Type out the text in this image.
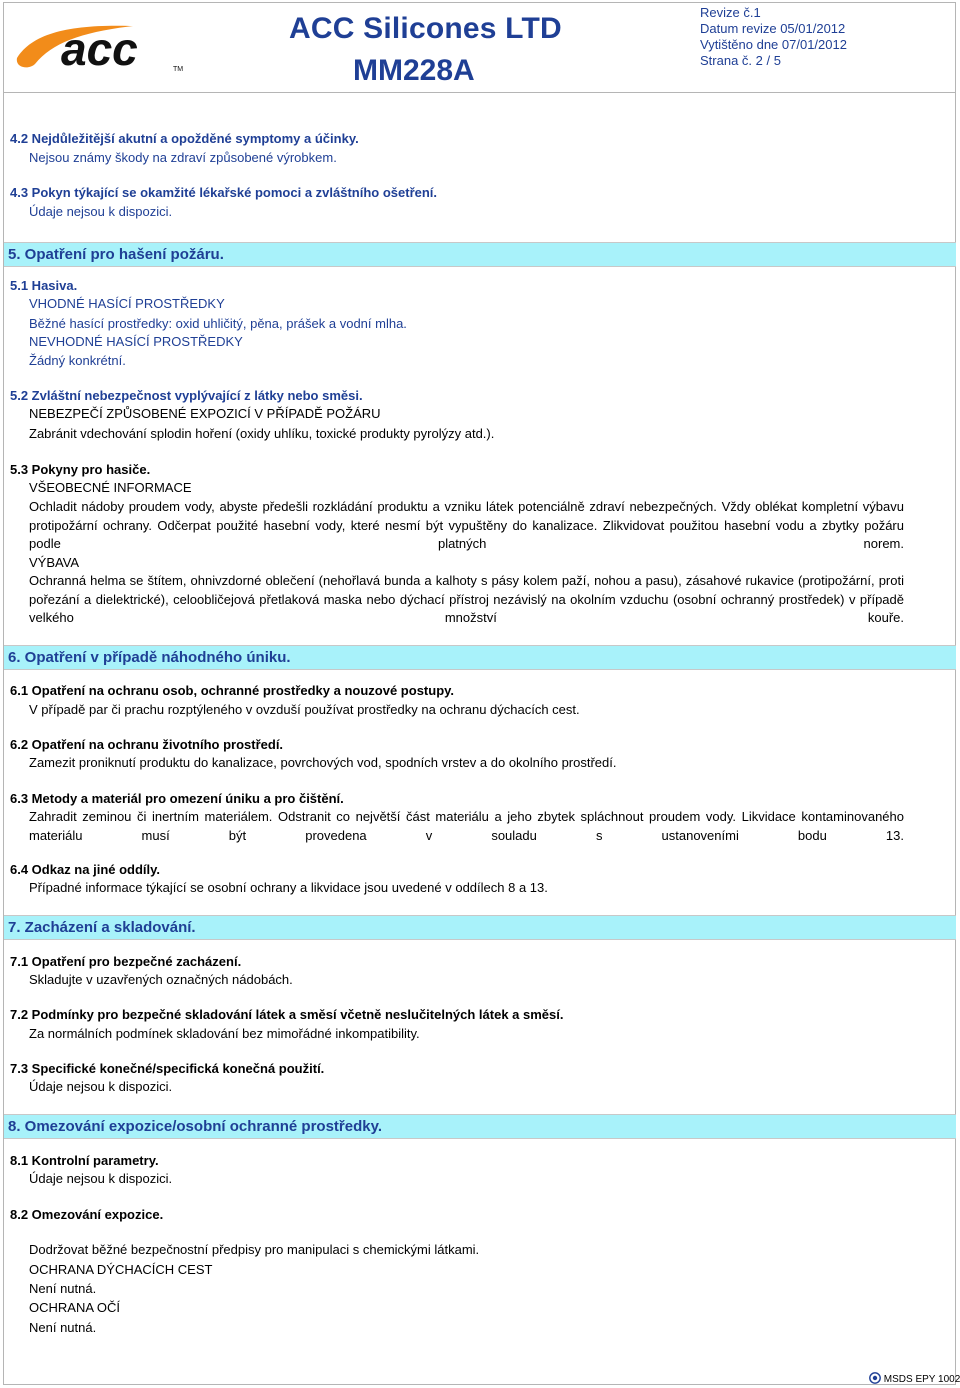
acc	TM
ACC Silicones LTD
MM228A
Revize č.1
Datum revize 05/01/2012
Vytištěno dne 07/01/2012
Strana č. 2 / 5
4.2 Nejdůležitější akutní a opožděné symptomy a účinky.
Nejsou známy škody na zdraví způsobené výrobkem.
4.3 Pokyn týkající se okamžité lékařské pomoci a zvláštního ošetření.
Údaje nejsou k dispozici.
5. Opatření pro hašení požáru.
5.1 Hasiva.
VHODNÉ HASÍCÍ PROSTŘEDKY
Běžné hasící prostředky: oxid uhličitý, pěna, prášek a vodní mlha.
NEVHODNÉ HASÍCÍ PROSTŘEDKY
Žádný konkrétní.
5.2 Zvláštní nebezpečnost vyplývající z látky nebo směsi.
NEBEZPEČÍ ZPŮSOBENÉ EXPOZICÍ V PŘÍPADĚ POŽÁRU
Zabránit vdechování splodin hoření (oxidy uhlíku, toxické produkty pyrolýzy atd.).
5.3 Pokyny pro hasiče.
VŠEOBECNÉ INFORMACE
Ochladit nádoby proudem vody, abyste předešli rozkládání produktu a vzniku látek potenciálně zdraví nebezpečných. Vždy oblékat kompletní výbavu protipožární ochrany. Odčerpat použité hasební vody, které nesmí být vypuštěny do kanalizace. Zlikvidovat použitou hasební vodu a zbytky požáru podle platných norem.
VÝBAVA
Ochranná helma se štítem, ohnivzdorné oblečení (nehořlavá bunda a kalhoty s pásy kolem paží, nohou a pasu), zásahové rukavice (protipožární, proti pořezání a dielektrické), celoobličejová přetlaková maska nebo dýchací přístroj nezávislý na okolním vzduchu (osobní ochranný prostředek) v případě velkého množství kouře.
6. Opatření v případě náhodného úniku.
6.1 Opatření na ochranu osob, ochranné prostředky a nouzové postupy.
V případě par či prachu rozptýleného v ovzduší používat prostředky na ochranu dýchacích cest.
6.2 Opatření na ochranu životního prostředí.
Zamezit proniknutí produktu do kanalizace, povrchových vod, spodních vrstev a do okolního prostředí.
6.3 Metody a materiál pro omezení úniku a pro čištění.
Zahradit zeminou či inertním materiálem. Odstranit co největší část materiálu a jeho zbytek spláchnout proudem vody. Likvidace kontaminovaného materiálu musí být provedena v souladu s ustanoveními bodu 13.
6.4 Odkaz na jiné oddíly.
Případné informace týkající se osobní ochrany a likvidace jsou uvedené v oddílech 8 a 13.
7. Zacházení a skladování.
7.1 Opatření pro bezpečné zacházení.
Skladujte v uzavřených označných nádobách.
7.2 Podmínky pro bezpečné skladování látek a směsí včetně neslučitelných látek a směsí.
Za normálních podmínek skladování bez mimořádné inkompatibility.
7.3 Specifické konečné/specifická konečná použití.
Údaje nejsou k dispozici.
8. Omezování expozice/osobní ochranné prostředky.
8.1 Kontrolní parametry.
Údaje nejsou k dispozici.
8.2 Omezování expozice.
Dodržovat běžné bezpečnostní předpisy pro manipulaci s chemickými látkami.
OCHRANA DÝCHACÍCH CEST
Není nutná.
OCHRANA OČÍ
Není nutná.
MSDS EPY 1002
